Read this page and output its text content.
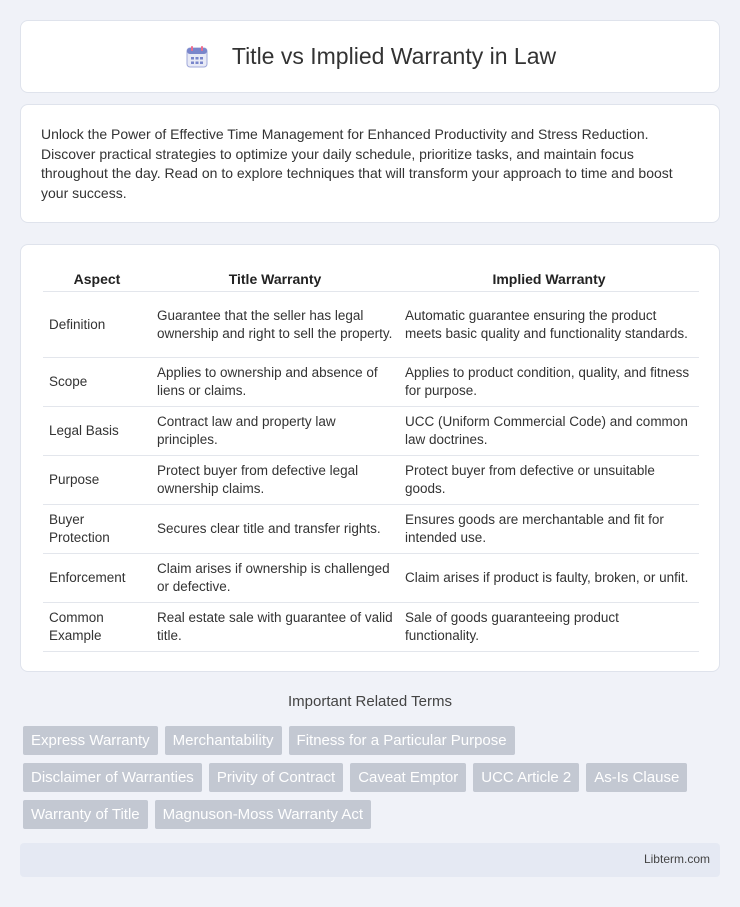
Title vs Implied Warranty in Law

Unlock the Power of Effective Time Management for Enhanced Productivity and Stress Reduction. Discover practical strategies to optimize your daily schedule, prioritize tasks, and maintain focus throughout the day. Read on to explore techniques that will transform your approach to time and boost your success.

Aspect	Title Warranty	Implied Warranty
Definition	Guarantee that the seller has legal ownership and right to sell the property.	Automatic guarantee ensuring the product meets basic quality and functionality standards.
Scope	Applies to ownership and absence of liens or claims.	Applies to product condition, quality, and fitness for purpose.
Legal Basis	Contract law and property law principles.	UCC (Uniform Commercial Code) and common law doctrines.
Purpose	Protect buyer from defective legal ownership claims.	Protect buyer from defective or unsuitable goods.
Buyer Protection	Secures clear title and transfer rights.	Ensures goods are merchantable and fit for intended use.
Enforcement	Claim arises if ownership is challenged or defective.	Claim arises if product is faulty, broken, or unfit.
Common Example	Real estate sale with guarantee of valid title.	Sale of goods guaranteeing product functionality.
Important Related Terms
Express Warranty	Merchantability	Fitness for a Particular Purpose
Disclaimer of Warranties	Privity of Contract	Caveat Emptor	UCC Article 2	As-Is Clause
Warranty of Title	Magnuson-Moss Warranty Act
Libterm.com
